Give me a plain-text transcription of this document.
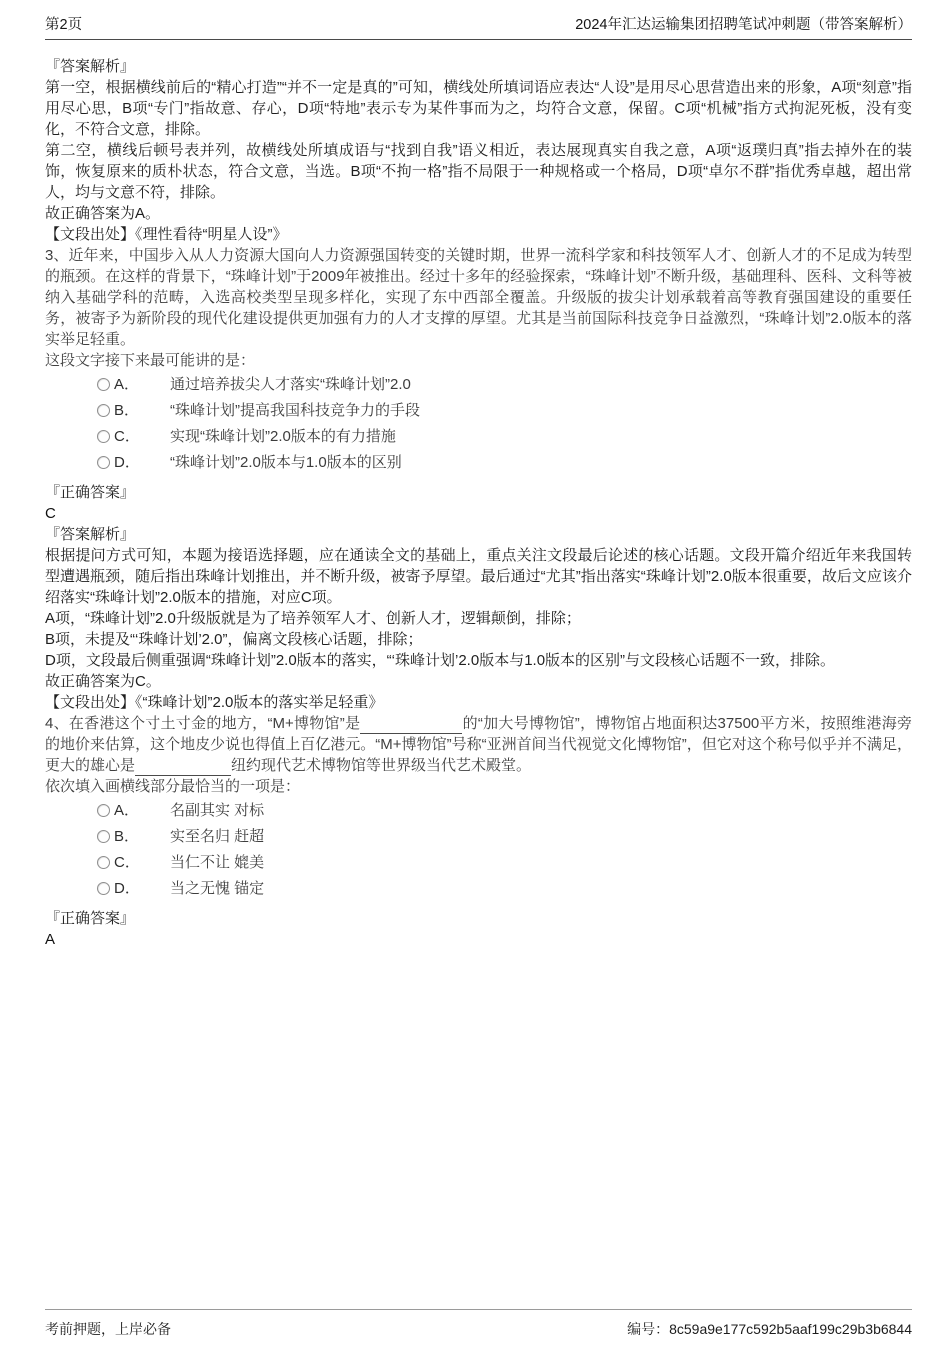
第2页	2024年汇达运输集团招聘笔试冲刺题（带答案解析）

『答案解析』

第一空，根据横线前后的“精心打造”“并不一定是真的”可知，横线处所填词语应表达“人设”是用尽心思营造出来的形象，A项“刻意”指用尽心思，B项“专门”指故意、存心，D项“特地”表示专为某件事而为之，均符合文意，保留。C项“机械”指方式拘泥死板，没有变化，不符合文意，排除。

第二空，横线后顿号表并列，故横线处所填成语与“找到自我”语义相近，表达展现真实自我之意，A项“返璞归真”指去掉外在的装饰，恢复原来的质朴状态，符合文意，当选。B项“不拘一格”指不局限于一种规格或一个格局，D项“卓尔不群”指优秀卓越，超出常人，均与文意不符，排除。

故正确答案为A。

【文段出处】《理性看待“明星人设”》

3、近年来，中国步入从人力资源大国向人力资源强国转变的关键时期，世界一流科学家和科技领军人才、创新人才的不足成为转型的瓶颈。在这样的背景下，“珠峰计划”于2009年被推出。经过十多年的经验探索，“珠峰计划”不断升级，基础理科、医科、文科等被纳入基础学科的范畴，入选高校类型呈现多样化，实现了东中西部全覆盖。升级版的拔尖计划承载着高等教育强国建设的重要任务，被寄予为新阶段的现代化建设提供更加强有力的人才支撑的厚望。尤其是当前国际科技竞争日益激烈，“珠峰计划”2.0版本的落实举足轻重。

这段文字接下来最可能讲的是：

A．	通过培养拔尖人才落实“珠峰计划”2.0
B．	“珠峰计划”提高我国科技竞争力的手段
C．	实现“珠峰计划”2.0版本的有力措施
D．	“珠峰计划”2.0版本与1.0版本的区别

『正确答案』

C

『答案解析』

根据提问方式可知，本题为接语选择题，应在通读全文的基础上，重点关注文段最后论述的核心话题。文段开篇介绍近年来我国转型遭遇瓶颈，随后指出珠峰计划推出，并不断升级，被寄予厚望。最后通过“尤其”指出落实“珠峰计划”2.0版本很重要，故后文应该介绍落实“珠峰计划”2.0版本的措施，对应C项。

A项，“珠峰计划”2.0升级版就是为了培养领军人才、创新人才，逻辑颠倒，排除；

B项，未提及“‘珠峰计划’2.0”，偏离文段核心话题，排除；

D项，文段最后侧重强调“珠峰计划”2.0版本的落实，“‘珠峰计划’2.0版本与1.0版本的区别”与文段核心话题不一致，排除。

故正确答案为C。

【文段出处】《“珠峰计划”2.0版本的落实举足轻重》

4、在香港这个寸土寸金的地方，“M+博物馆”是	的“加大号博物馆”，博物馆占地面积达37500平方米，按照维港海旁的地价来估算，这个地皮少说也得值上百亿港元。“M+博物馆”号称“亚洲首间当代视觉文化博物馆”，但它对这个称号似乎并不满足，更大的雄心是	纽约现代艺术博物馆等世界级当代艺术殿堂。

依次填入画横线部分最恰当的一项是：

A．	名副其实 对标
B．	实至名归 赶超
C．	当仁不让 媲美
D．	当之无愧 锚定

『正确答案』

A

考前押题，上岸必备	编号：8c59a9e177c592b5aaf199c29b3b6844
